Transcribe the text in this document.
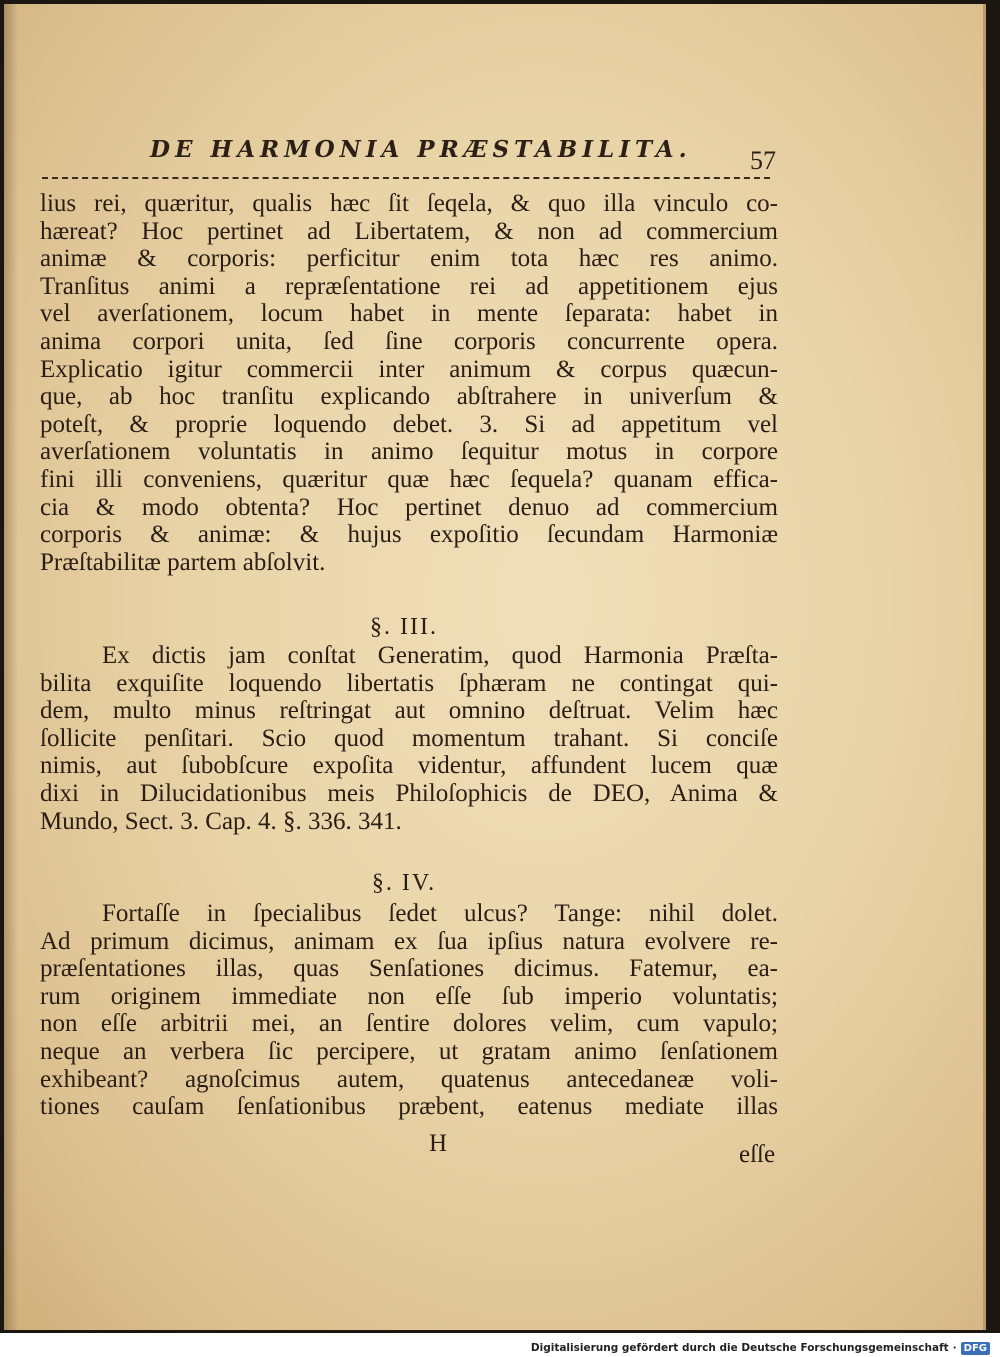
DE HARMONIA PRÆSTABILITA. 57
lius rei, quæritur, qualis hæc ſit ſeqela, & quo illa vinculo co-
hæreat? Hoc pertinet ad Libertatem, & non ad commercium
animæ & corporis: perficitur enim tota hæc res animo.
Tranſitus animi a repræſentatione rei ad appetitionem ejus
vel averſationem, locum habet in mente ſeparata: habet in
anima corpori unita, ſed ſine corporis concurrente opera.
Explicatio igitur commercii inter animum & corpus quæcun-
que, ab hoc tranſitu explicando abſtrahere in univerſum &
poteſt, & proprie loquendo debet. 3. Si ad appetitum vel
averſationem voluntatis in animo ſequitur motus in corpore
fini illi conveniens, quæritur quæ hæc ſequela? quanam effica-
cia & modo obtenta? Hoc pertinet denuo ad commercium
corporis & animæ: & hujus expoſitio ſecundam Harmoniæ
Præſtabilitæ partem abſolvit.
§. III.
Ex dictis jam conſtat Generatim, quod Harmonia Præſta-
bilita exquiſite loquendo libertatis ſphæram ne contingat qui-
dem, multo minus reſtringat aut omnino deſtruat. Velim hæc
ſollicite penſitari. Scio quod momentum trahant. Si conciſe
nimis, aut ſubobſcure expoſita videntur, affundent lucem quæ
dixi in Dilucidationibus meis Philoſophicis de DEO, Anima &
Mundo, Sect. 3. Cap. 4. §. 336. 341.
§. IV.
Fortaſſe in ſpecialibus ſedet ulcus? Tange: nihil dolet.
Ad primum dicimus, animam ex ſua ipſius natura evolvere re-
præſentationes illas, quas Senſationes dicimus. Fatemur, ea-
rum originem immediate non eſſe ſub imperio voluntatis;
non eſſe arbitrii mei, an ſentire dolores velim, cum vapulo;
neque an verbera ſic percipere, ut gratam animo ſenſationem
exhibeant? agnoſcimus autem, quatenus antecedaneæ voli-
tiones cauſam ſenſationibus præbent, eatenus mediate illas
H	eſſe
Digitalisierung gefördert durch die Deutsche Forschungsgemeinschaft · DFG
